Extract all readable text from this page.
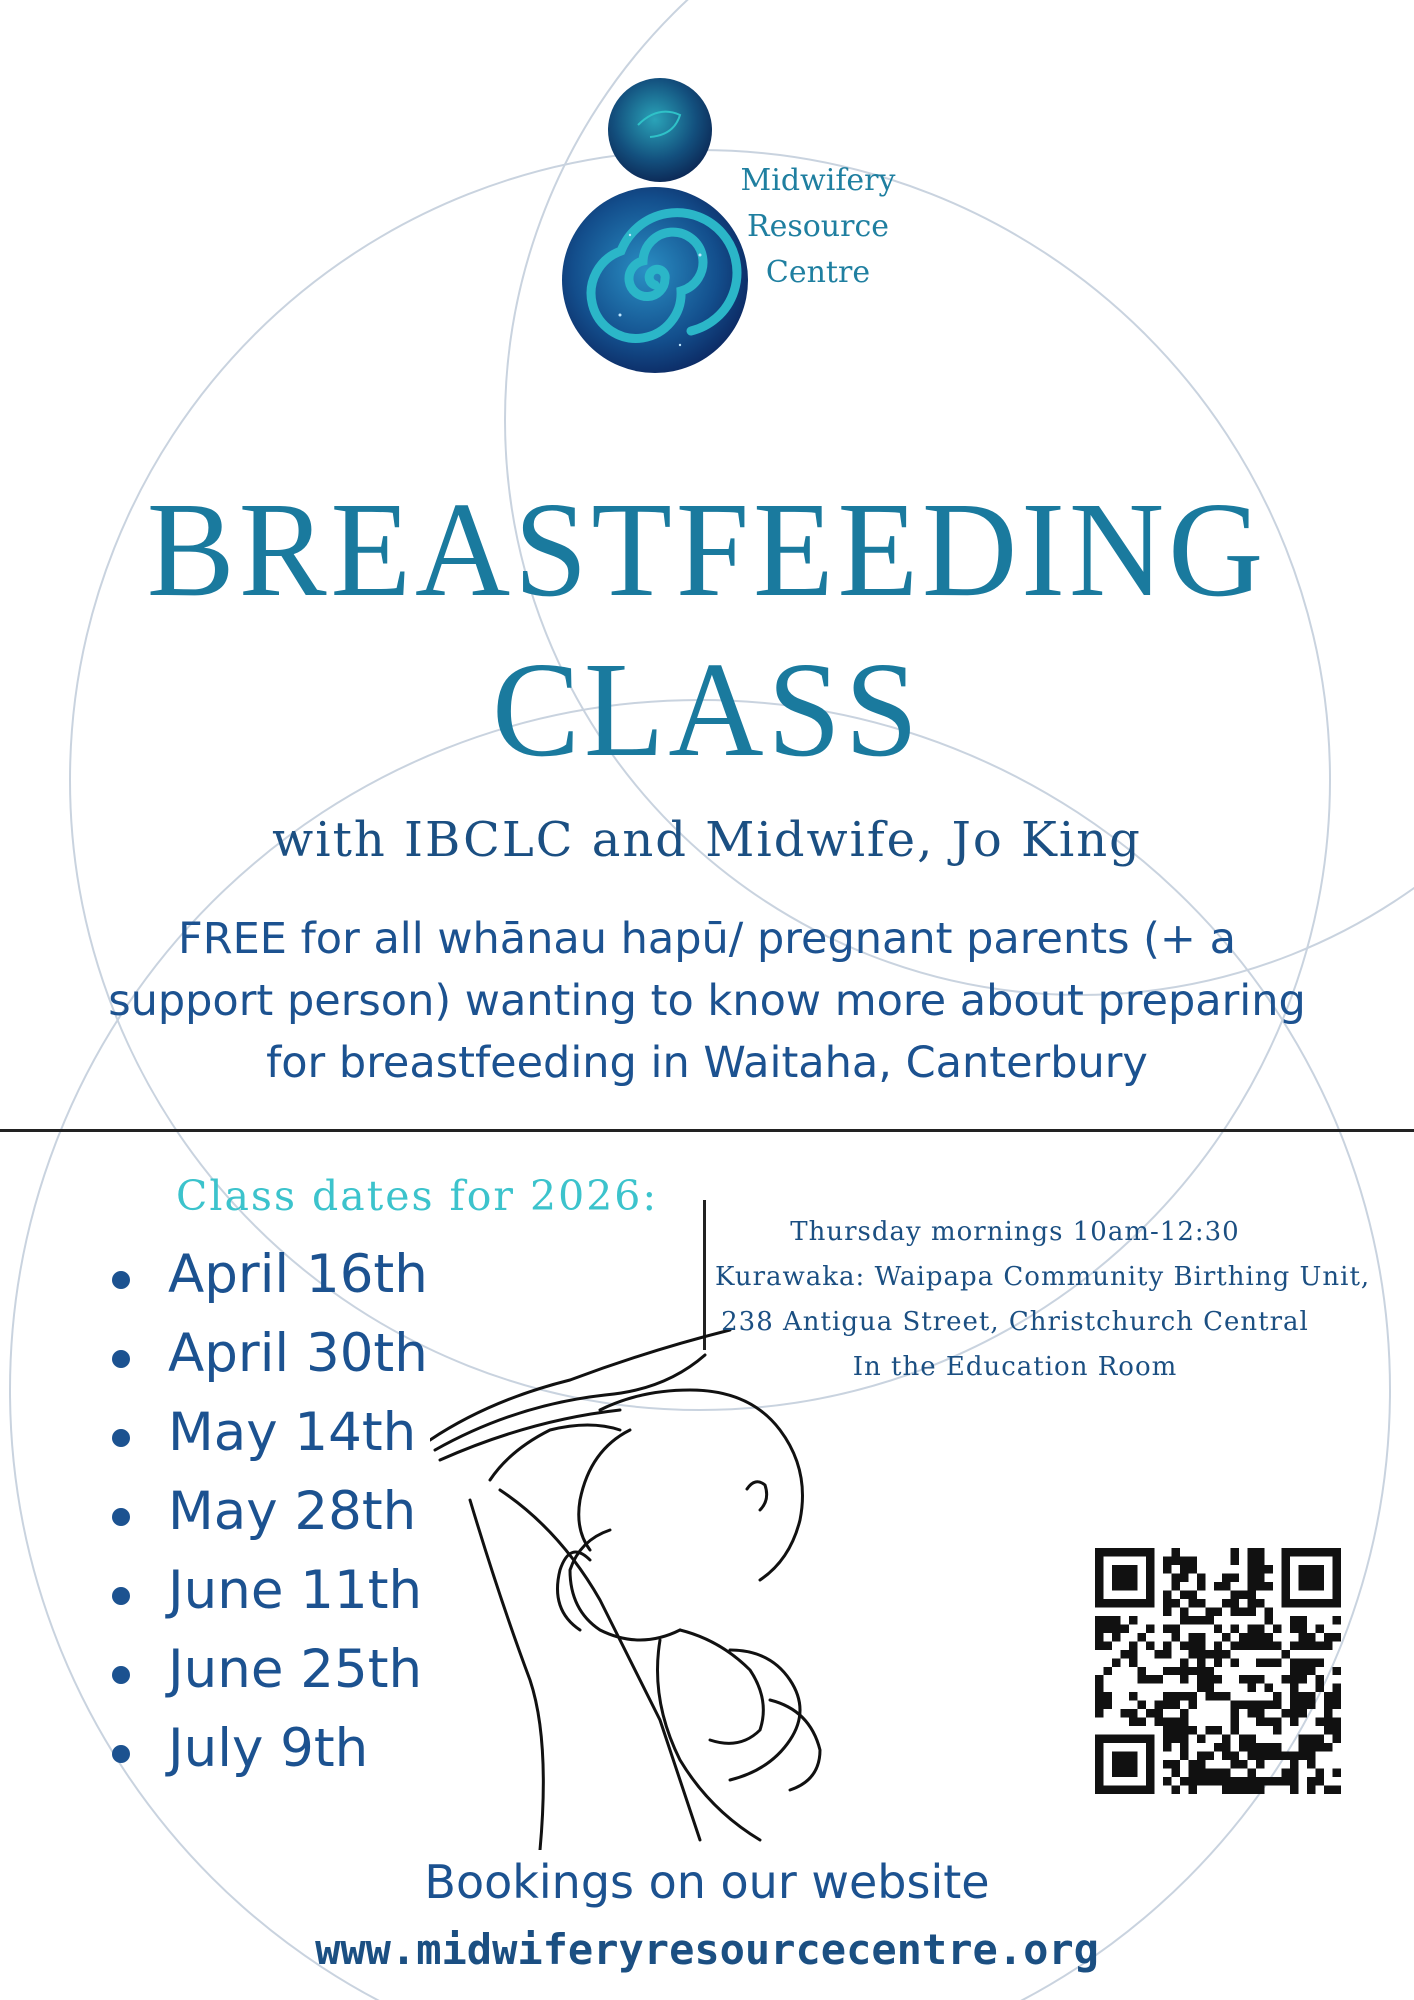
Midwifery
Resource
Centre
BREASTFEEDING
CLASS
with IBCLC and Midwife, Jo King
FREE for all whānau hapū/ pregnant parents (+ a support person) wanting to know more about preparing for breastfeeding in Waitaha, Canterbury
Class dates for 2026:
April 16th
April 30th
May 14th
May 28th
June 11th
June 25th
July 9th
Thursday mornings 10am-12:30
Kurawaka: Waipapa Community Birthing Unit,
238 Antigua Street, Christchurch Central
In the Education Room
Bookings on our website
www.midwiferyresourcecentre.org
